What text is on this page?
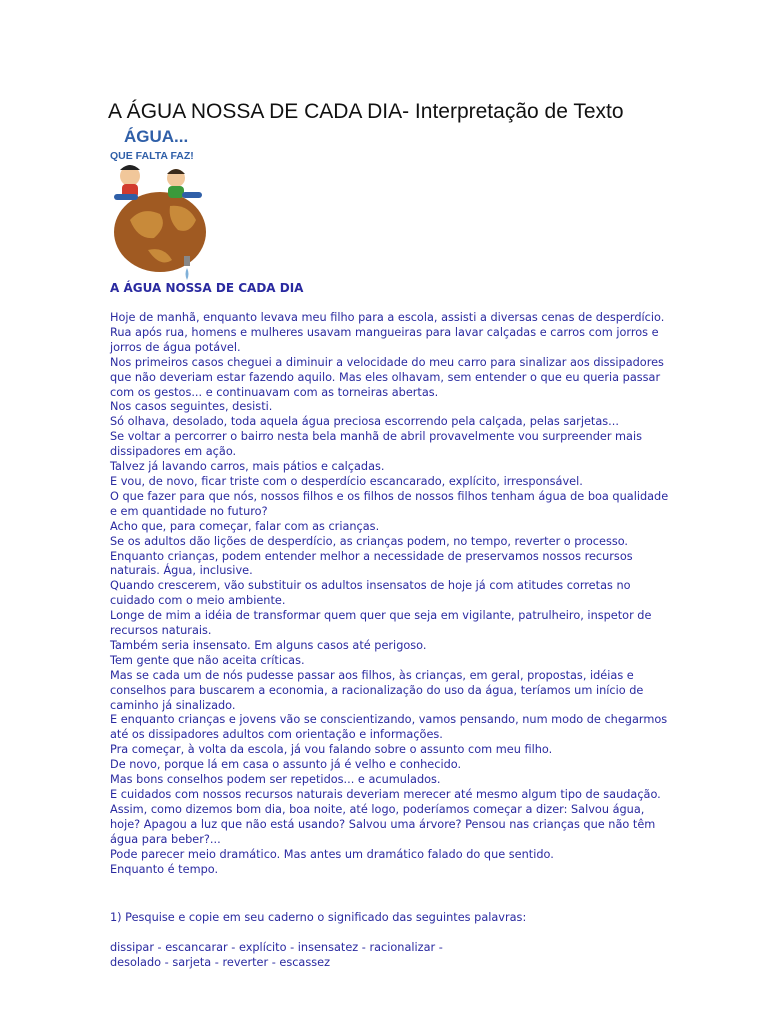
A ÁGUA NOSSA DE CADA DIA- Interpretação de Texto
ÁGUA...
QUE FALTA FAZ!
A ÁGUA NOSSA DE CADA DIA

Hoje de manhã, enquanto levava meu filho para a escola, assisti a diversas cenas de desperdício.

Rua após rua, homens e mulheres usavam mangueiras para lavar calçadas e carros com jorros e jorros de água potável.

Nos primeiros casos cheguei a diminuir a velocidade do meu carro para sinalizar aos dissipadores que não deveriam estar fazendo aquilo. Mas eles olhavam, sem entender o que eu queria passar com os gestos... e continuavam com as torneiras abertas.

Nos casos seguintes, desisti.

Só olhava, desolado, toda aquela água preciosa escorrendo pela calçada, pelas sarjetas...

Se voltar a percorrer o bairro nesta bela manhã de abril provavelmente vou surpreender mais dissipadores em ação.

Talvez já lavando carros, mais pátios e calçadas.

E vou, de novo, ficar triste com o desperdício escancarado, explícito, irresponsável.

O que fazer para que nós, nossos filhos e os filhos de nossos filhos tenham água de boa qualidade e em quantidade no futuro?

Acho que, para começar, falar com as crianças.

Se os adultos dão lições de desperdício, as crianças podem, no tempo, reverter o processo.

Enquanto crianças, podem entender melhor a necessidade de preservamos nossos recursos naturais. Água, inclusive.

Quando crescerem, vão substituir os adultos insensatos de hoje já com atitudes corretas no cuidado com o meio ambiente.

Longe de mim a idéia de transformar quem quer que seja em vigilante, patrulheiro, inspetor de recursos naturais.

Também seria insensato. Em alguns casos até perigoso.

Tem gente que não aceita críticas.

Mas se cada um de nós pudesse passar aos filhos, às crianças, em geral, propostas, idéias e conselhos para buscarem a economia, a racionalização do uso da água, teríamos um início de caminho já sinalizado.

E enquanto crianças e jovens vão se conscientizando, vamos pensando, num modo de chegarmos até os dissipadores adultos com orientação e informações.

Pra começar, à volta da escola, já vou falando sobre o assunto com meu filho.

De novo, porque lá em casa o assunto já é velho e conhecido.

Mas bons conselhos podem ser repetidos... e acumulados.

E cuidados com nossos recursos naturais deveriam merecer até mesmo algum tipo de saudação. Assim, como dizemos bom dia, boa noite, até logo, poderíamos começar a dizer: Salvou água, hoje? Apagou a luz que não está usando? Salvou uma árvore? Pensou nas crianças que não têm água para beber?...

Pode parecer meio dramático. Mas antes um dramático falado do que sentido.

Enquanto é tempo.

1) Pesquise e copie em seu caderno o significado das seguintes palavras:

dissipar - escancarar - explícito - insensatez - racionalizar -

desolado - sarjeta - reverter - escassez
